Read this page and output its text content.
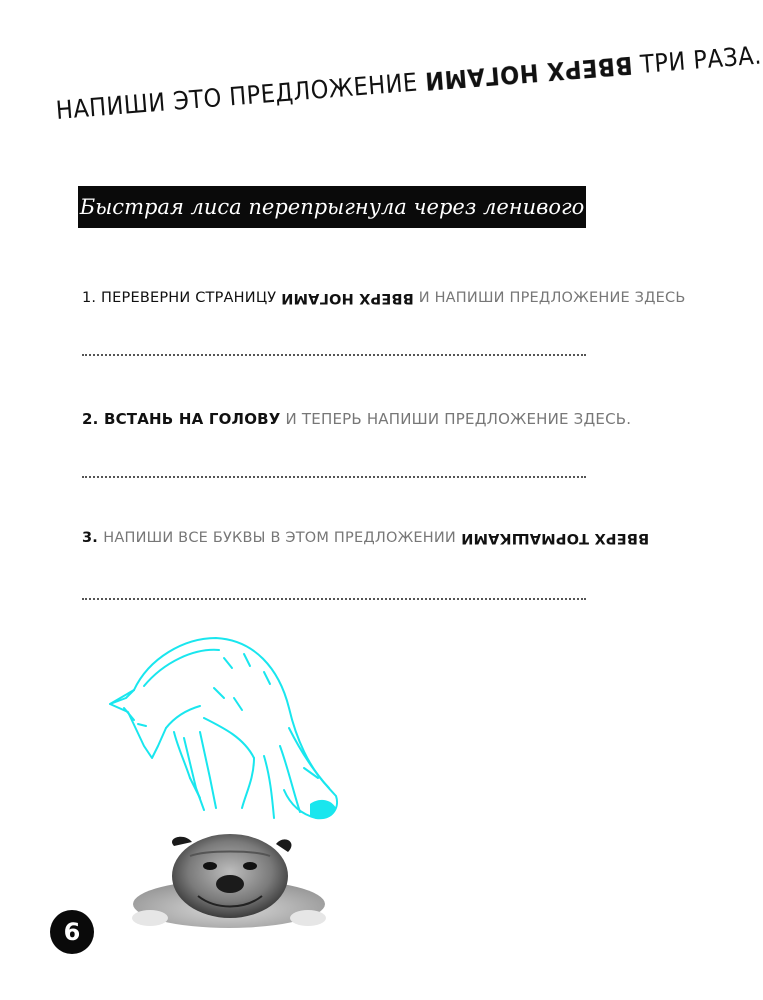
НАПИШИ ЭТО ПРЕДЛОЖЕНИЕ ВВЕРХ НОГАМИ ТРИ РАЗА.
Быстрая лиса перепрыгнула через ленивого пса.
1. ПЕРЕВЕРНИ СТРАНИЦУ ВВЕРХ НОГАМИ И НАПИШИ ПРЕДЛОЖЕНИЕ ЗДЕСЬ
2. ВСТАНЬ НА ГОЛОВУ И ТЕПЕРЬ НАПИШИ ПРЕДЛОЖЕНИЕ ЗДЕСЬ.
3. НАПИШИ ВСЕ БУКВЫ В ЭТОМ ПРЕДЛОЖЕНИИ ВВЕРХ ТОРМАШКАМИ
6
